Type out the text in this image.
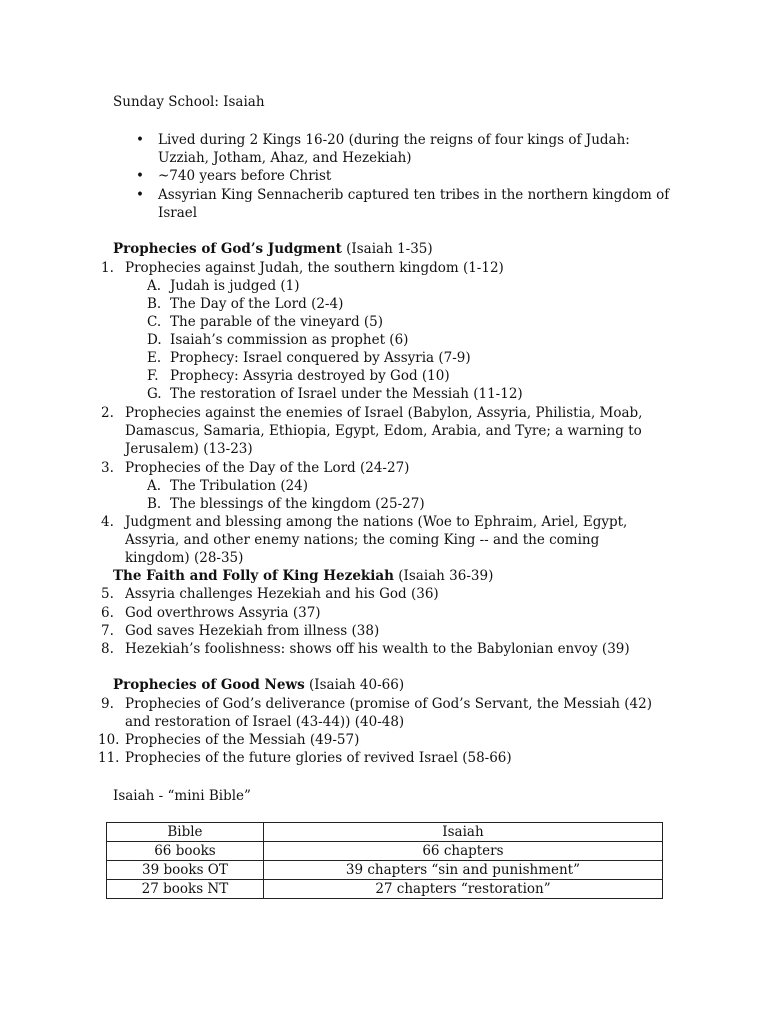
Sunday School: Isaiah
• Lived during 2 Kings 16-20 (during the reigns of four kings of Judah: Uzziah, Jotham, Ahaz, and Hezekiah)
• ~740 years before Christ
• Assyrian King Sennacherib captured ten tribes in the northern kingdom of Israel
Prophecies of God’s Judgment (Isaiah 1-35)
1. Prophecies against Judah, the southern kingdom (1-12)
A. Judah is judged (1)
B. The Day of the Lord (2-4)
C. The parable of the vineyard (5)
D. Isaiah’s commission as prophet (6)
E. Prophecy: Israel conquered by Assyria (7-9)
F. Prophecy: Assyria destroyed by God (10)
G. The restoration of Israel under the Messiah (11-12)
2. Prophecies against the enemies of Israel (Babylon, Assyria, Philistia, Moab, Damascus, Samaria, Ethiopia, Egypt, Edom, Arabia, and Tyre; a warning to Jerusalem) (13-23)
3. Prophecies of the Day of the Lord (24-27)
A. The Tribulation (24)
B. The blessings of the kingdom (25-27)
4. Judgment and blessing among the nations (Woe to Ephraim, Ariel, Egypt, Assyria, and other enemy nations; the coming King -- and the coming kingdom) (28-35)
The Faith and Folly of King Hezekiah (Isaiah 36-39)
5. Assyria challenges Hezekiah and his God (36)
6. God overthrows Assyria (37)
7. God saves Hezekiah from illness (38)
8. Hezekiah’s foolishness: shows off his wealth to the Babylonian envoy (39)
Prophecies of Good News (Isaiah 40-66)
9. Prophecies of God’s deliverance (promise of God’s Servant, the Messiah (42) and restoration of Israel (43-44)) (40-48)
10. Prophecies of the Messiah (49-57)
11. Prophecies of the future glories of revived Israel (58-66)
Isaiah - “mini Bible”
Bible	Isaiah
66 books	66 chapters
39 books OT	39 chapters “sin and punishment”
27 books NT	27 chapters “restoration”
